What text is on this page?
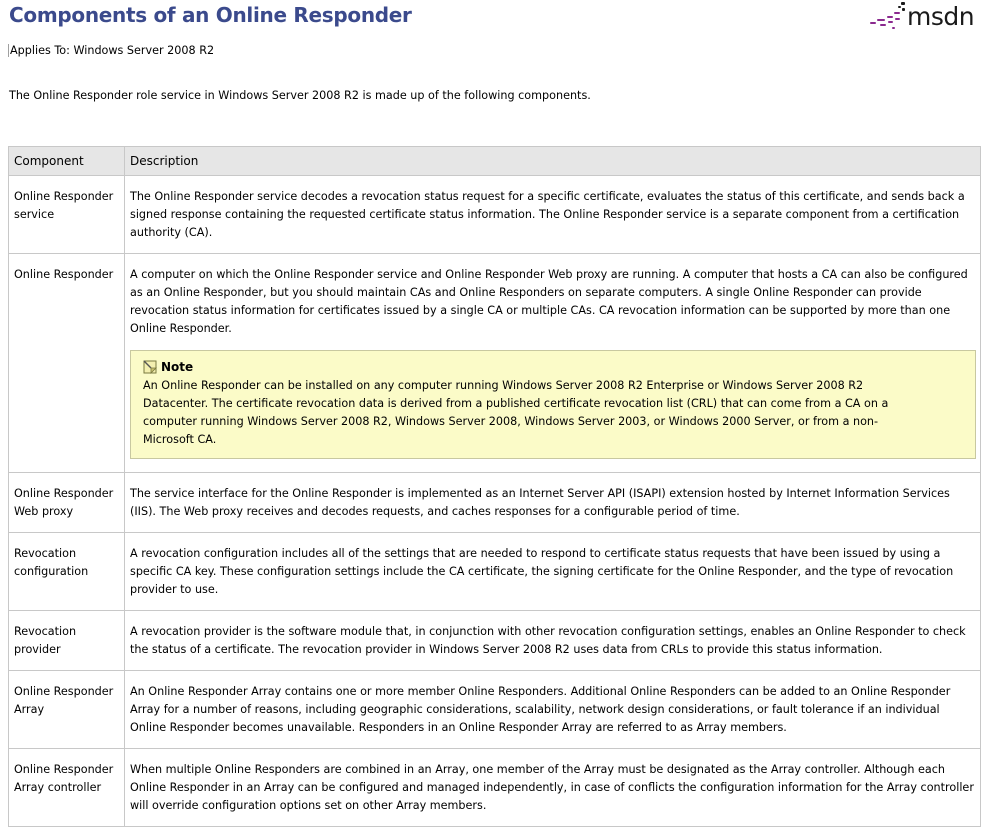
Components of an Online Responder	msdn
Applies To: Windows Server 2008 R2
The Online Responder role service in Windows Server 2008 R2 is made up of the following components.
Component	Description
Online Responder service	The Online Responder service decodes a revocation status request for a specific certificate, evaluates the status of this certificate, and sends back a signed response containing the requested certificate status information. The Online Responder service is a separate component from a certification authority (CA).
Online Responder	A computer on which the Online Responder service and Online Responder Web proxy are running. A computer that hosts a CA can also be configured as an Online Responder, but you should maintain CAs and Online Responders on separate computers. A single Online Responder can provide revocation status information for certificates issued by a single CA or multiple CAs. CA revocation information can be supported by more than one Online Responder.
Note
An Online Responder can be installed on any computer running Windows Server 2008 R2 Enterprise or Windows Server 2008 R2 Datacenter. The certificate revocation data is derived from a published certificate revocation list (CRL) that can come from a CA on a computer running Windows Server 2008 R2, Windows Server 2008, Windows Server 2003, or Windows 2000 Server, or from a non-Microsoft CA.

Online Responder Web proxy	The service interface for the Online Responder is implemented as an Internet Server API (ISAPI) extension hosted by Internet Information Services (IIS). The Web proxy receives and decodes requests, and caches responses for a configurable period of time.
Revocation configuration	A revocation configuration includes all of the settings that are needed to respond to certificate status requests that have been issued by using a specific CA key. These configuration settings include the CA certificate, the signing certificate for the Online Responder, and the type of revocation provider to use.
Revocation provider	A revocation provider is the software module that, in conjunction with other revocation configuration settings, enables an Online Responder to check the status of a certificate. The revocation provider in Windows Server 2008 R2 uses data from CRLs to provide this status information.
Online Responder Array	An Online Responder Array contains one or more member Online Responders. Additional Online Responders can be added to an Online Responder Array for a number of reasons, including geographic considerations, scalability, network design considerations, or fault tolerance if an individual Online Responder becomes unavailable. Responders in an Online Responder Array are referred to as Array members.
Online Responder Array controller	When multiple Online Responders are combined in an Array, one member of the Array must be designated as the Array controller. Although each Online Responder in an Array can be configured and managed independently, in case of conflicts the configuration information for the Array controller will override configuration options set on other Array members.
